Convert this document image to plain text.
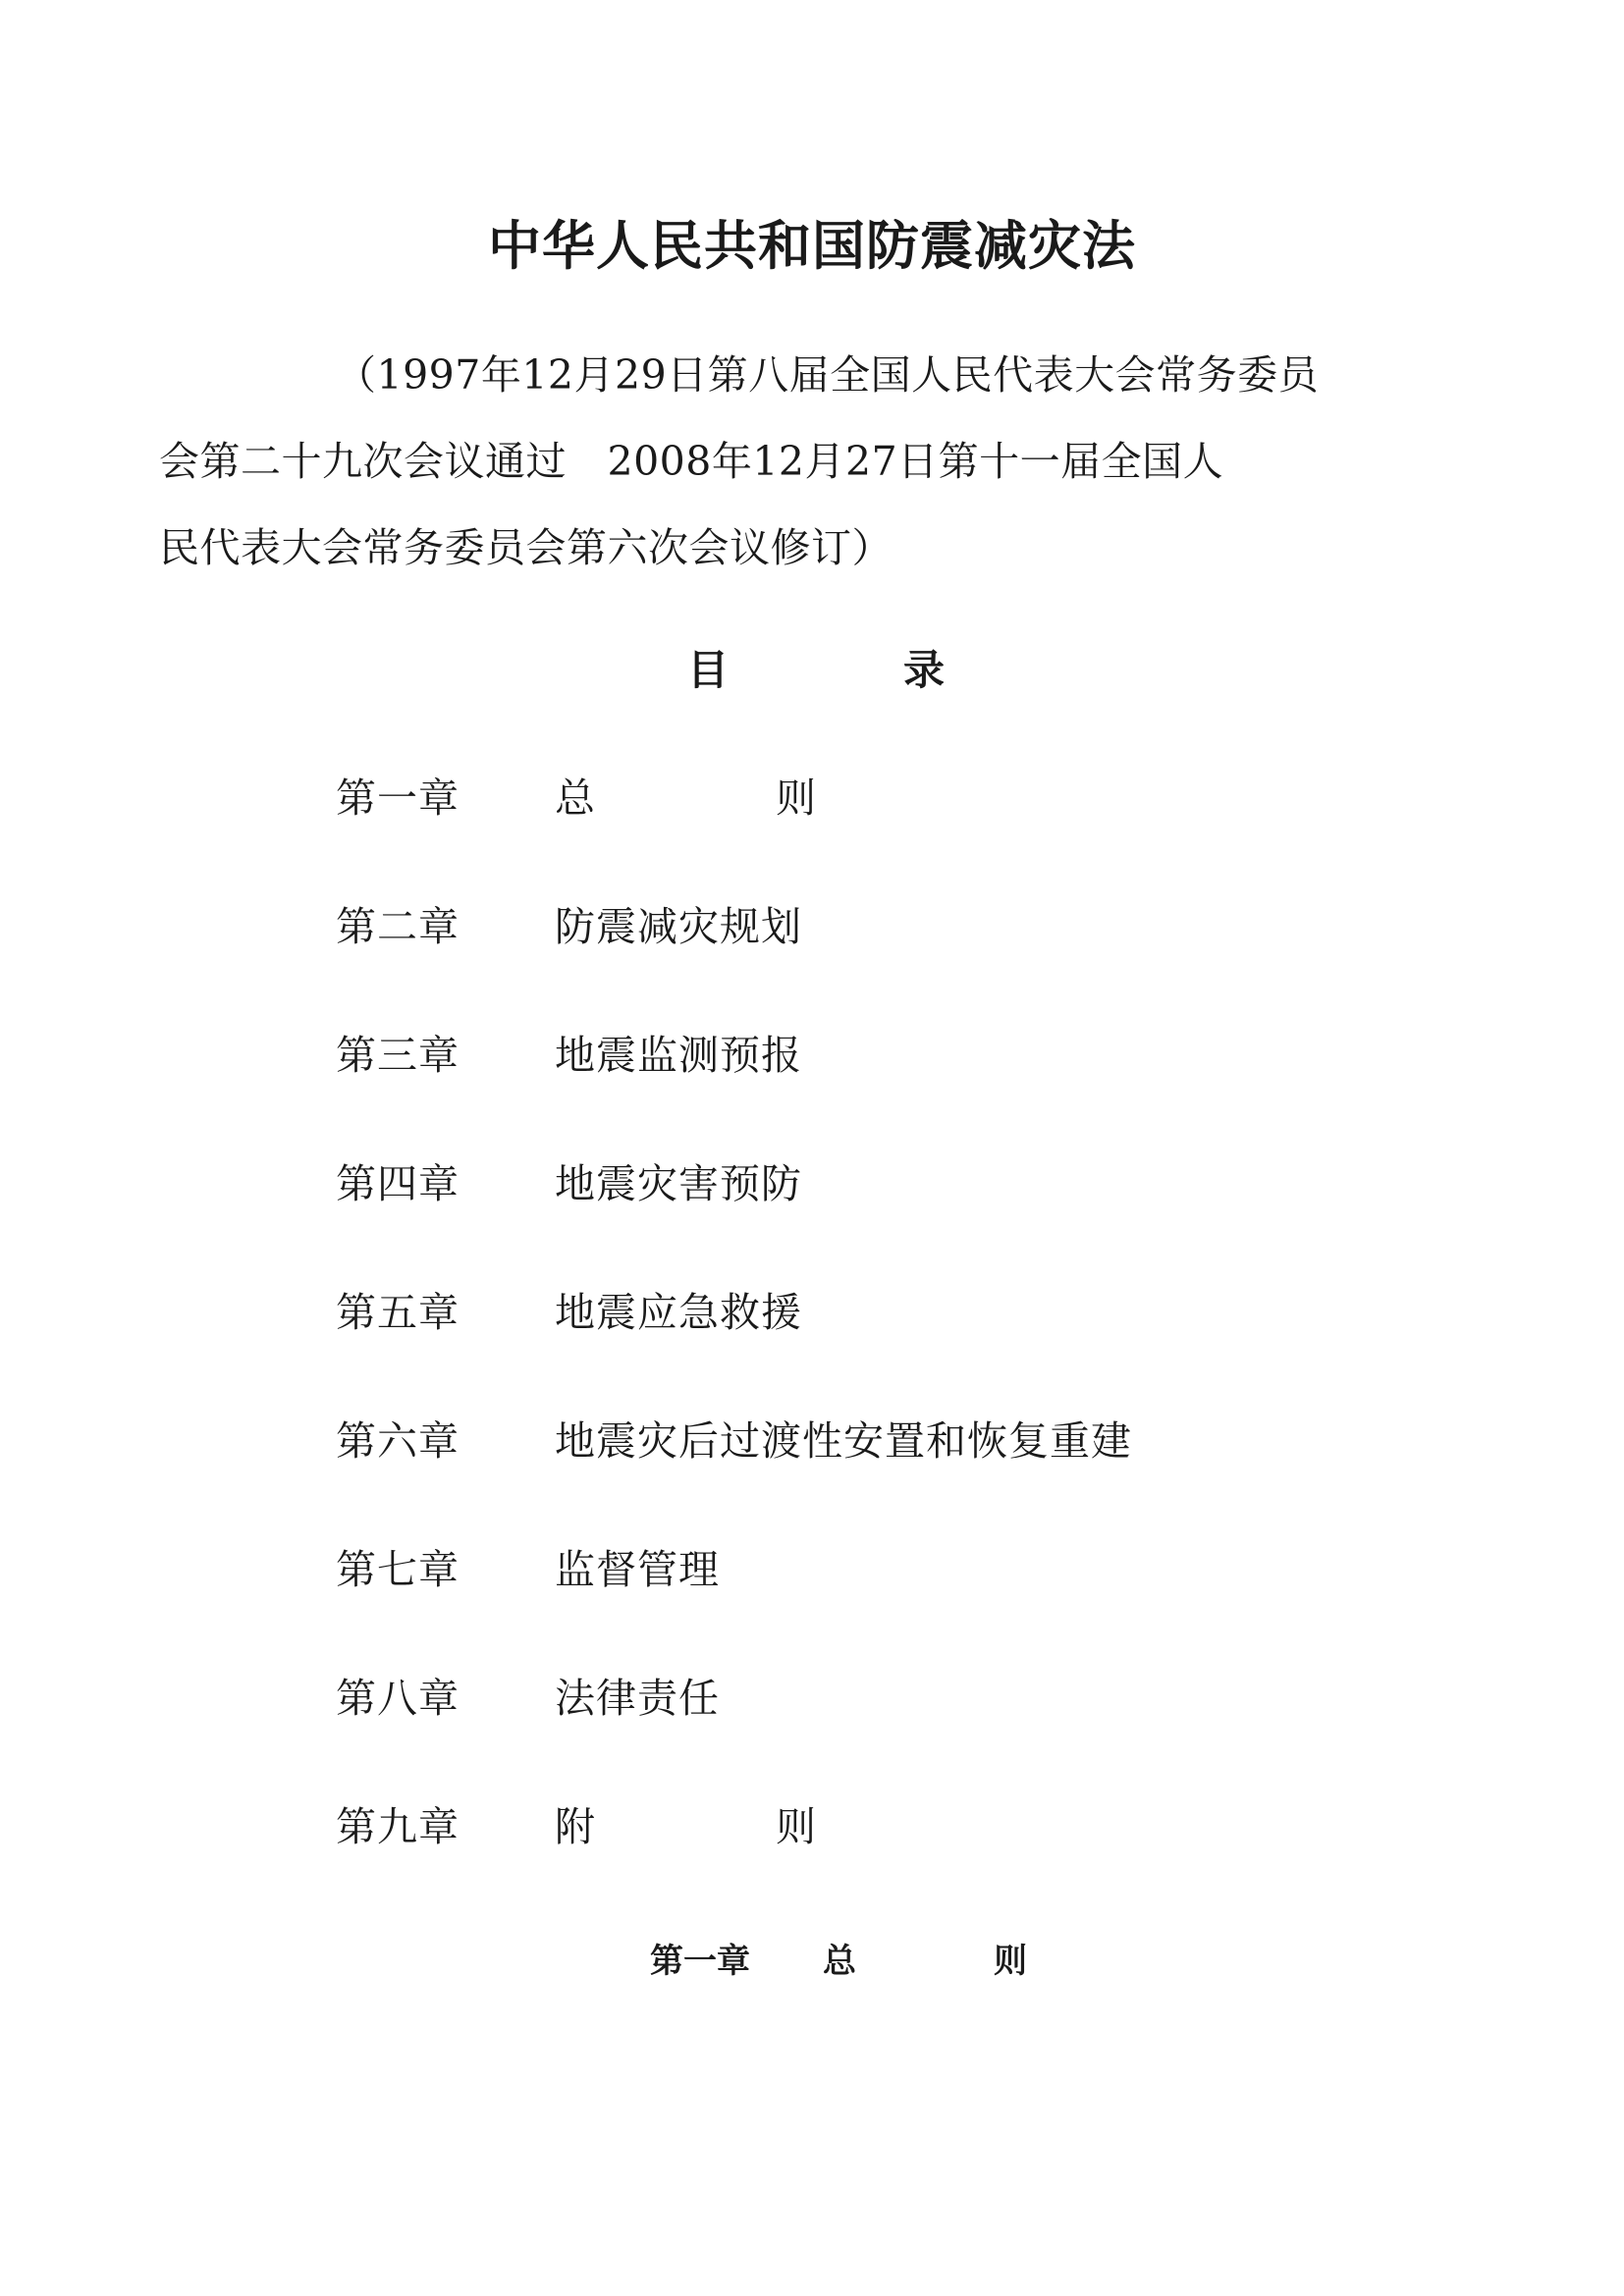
中华人民共和国防震减灾法

（1997年12月29日第八届全国人民代表大会常务委员
会第二十九次会议通过　2008年12月27日第十一届全国人
民代表大会常务委员会第六次会议修订）

目	录
第一章 总	则
第二章 防震减灾规划
第三章 地震监测预报
第四章 地震灾害预防
第五章 地震应急救援
第六章 地震灾后过渡性安置和恢复重建
第七章 监督管理
第八章 法律责任
第九章 附	则
第一章 总	则
